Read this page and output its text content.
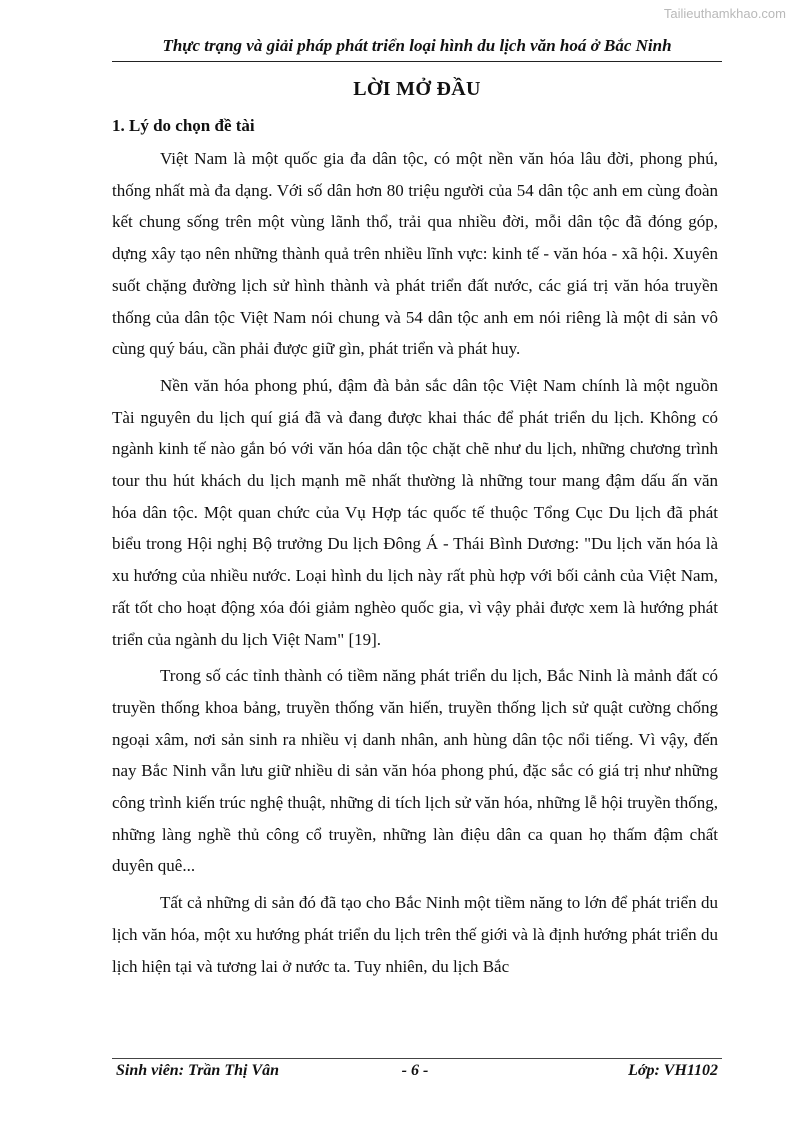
Tailieuthamkhao.com
Thực trạng và giải pháp phát triển loại hình du lịch văn hoá ở Bắc Ninh
LỜI MỞ ĐẦU
1. Lý do chọn đề tài

Việt Nam là một quốc gia đa dân tộc, có một nền văn hóa lâu đời, phong phú, thống nhất mà đa dạng. Với số dân hơn 80 triệu người của 54 dân tộc anh em cùng đoàn kết chung sống trên một vùng lãnh thổ, trải qua nhiều đời, mỗi dân tộc đã đóng góp, dựng xây tạo nên những thành quả trên nhiều lĩnh vực: kinh tế - văn hóa - xã hội. Xuyên suốt chặng đường lịch sử hình thành và phát triển đất nước, các giá trị văn hóa truyền thống của dân tộc Việt Nam nói chung và 54 dân tộc anh em nói riêng là một di sản vô cùng quý báu, cần phải được giữ gìn, phát triển và phát huy.

Nền văn hóa phong phú, đậm đà bản sắc dân tộc Việt Nam chính là một nguồn Tài nguyên du lịch quí giá đã và đang được khai thác để phát triển du lịch. Không có ngành kinh tế nào gắn bó với văn hóa dân tộc chặt chẽ như du lịch, những chương trình tour thu hút khách du lịch mạnh mẽ nhất thường là những tour mang đậm dấu ấn văn hóa dân tộc. Một quan chức của Vụ Hợp tác quốc tế thuộc Tổng Cục Du lịch đã phát biểu trong Hội nghị Bộ trưởng Du lịch Đông Á - Thái Bình Dương: "Du lịch văn hóa là xu hướng của nhiều nước. Loại hình du lịch này rất phù hợp với bối cảnh của Việt Nam, rất tốt cho hoạt động xóa đói giảm nghèo quốc gia, vì vậy phải được xem là hướng phát triển của ngành du lịch Việt Nam" [19].

Trong số các tỉnh thành có tiềm năng phát triển du lịch, Bắc Ninh là mảnh đất có truyền thống khoa bảng, truyền thống văn hiến, truyền thống lịch sử quật cường chống ngoại xâm, nơi sản sinh ra nhiều vị danh nhân, anh hùng dân tộc nổi tiếng. Vì vậy, đến nay Bắc Ninh vẫn lưu giữ nhiều di sản văn hóa phong phú, đặc sắc có giá trị như những công trình kiến trúc nghệ thuật, những di tích lịch sử văn hóa, những lễ hội truyền thống, những làng nghề thủ công cổ truyền, những làn điệu dân ca quan họ thấm đậm chất duyên quê...

Tất cả những di sản đó đã tạo cho Bắc Ninh một tiềm năng to lớn để phát triển du lịch văn hóa, một xu hướng phát triển du lịch trên thế giới và là định hướng phát triển du lịch hiện tại và tương lai ở nước ta. Tuy nhiên, du lịch Bắc

Sinh viên: Trần Thị Vân	- 6 -	Lớp: VH1102
